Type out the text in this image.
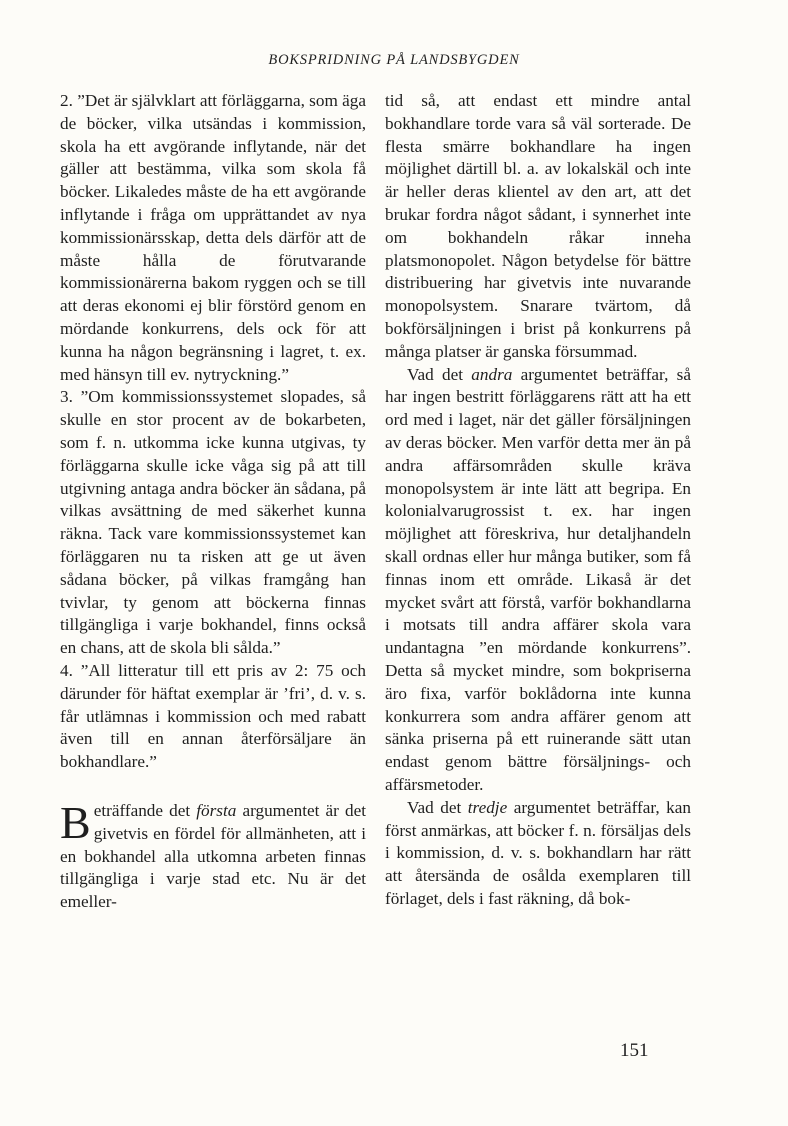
BOKSPRIDNING PÅ LANDSBYGDEN

2. ”Det är självklart att förläggarna, som äga de böcker, vilka utsändas i kommission, skola ha ett avgörande inflytande, när det gäller att bestämma, vilka som skola få böcker. Likaledes måste de ha ett avgörande inflytande i fråga om upprättandet av nya kommissionärsskap, detta dels därför att de måste hålla de förutvarande kommissionärerna bakom ryggen och se till att deras ekonomi ej blir förstörd genom en mördande konkurrens, dels ock för att kunna ha någon begränsning i lagret, t. ex. med hänsyn till ev. nytryckning.”

3. ”Om kommissionssystemet slopades, så skulle en stor procent av de bokarbeten, som f. n. utkomma icke kunna utgivas, ty förläggarna skulle icke våga sig på att till utgivning antaga andra böcker än sådana, på vilkas avsättning de med säkerhet kunna räkna. Tack vare kommissionssystemet kan förläggaren nu ta risken att ge ut även sådana böcker, på vilkas framgång han tvivlar, ty genom att böckerna finnas tillgängliga i varje bokhandel, finns också en chans, att de skola bli sålda.”

4. ”All litteratur till ett pris av 2: 75 och därunder för häftat exemplar är ’fri’, d. v. s. får utlämnas i kommission och med rabatt även till en annan återförsäljare än bokhandlare.”

Beträffande det första argumentet är det givetvis en fördel för allmänheten, att i en bokhandel alla utkomna arbeten finnas tillgängliga i varje stad etc. Nu är det emeller-

tid så, att endast ett mindre antal bokhandlare torde vara så väl sorterade. De flesta smärre bokhandlare ha ingen möjlighet därtill bl. a. av lokalskäl och inte är heller deras klientel av den art, att det brukar fordra något sådant, i synnerhet inte om bokhandeln råkar inneha platsmonopolet. Någon betydelse för bättre distribuering har givetvis inte nuvarande monopolsystem. Snarare tvärtom, då bokförsäljningen i brist på konkurrens på många platser är ganska försummad.

Vad det andra argumentet beträffar, så har ingen bestritt förläggarens rätt att ha ett ord med i laget, när det gäller försäljningen av deras böcker. Men varför detta mer än på andra affärsområden skulle kräva monopolsystem är inte lätt att begripa. En kolonialvarugrossist t. ex. har ingen möjlighet att föreskriva, hur detaljhandeln skall ordnas eller hur många butiker, som få finnas inom ett område. Likaså är det mycket svårt att förstå, varför bokhandlarna i motsats till andra affärer skola vara undantagna ”en mördande konkurrens”. Detta så mycket mindre, som bokpriserna äro fixa, varför boklådorna inte kunna konkurrera som andra affärer genom att sänka priserna på ett ruinerande sätt utan endast genom bättre försäljnings- och affärsmetoder.

Vad det tredje argumentet beträffar, kan först anmärkas, att böcker f. n. försäljas dels i kommission, d. v. s. bokhandlarn har rätt att återsända de osålda exemplaren till förlaget, dels i fast räkning, då bok-

151
